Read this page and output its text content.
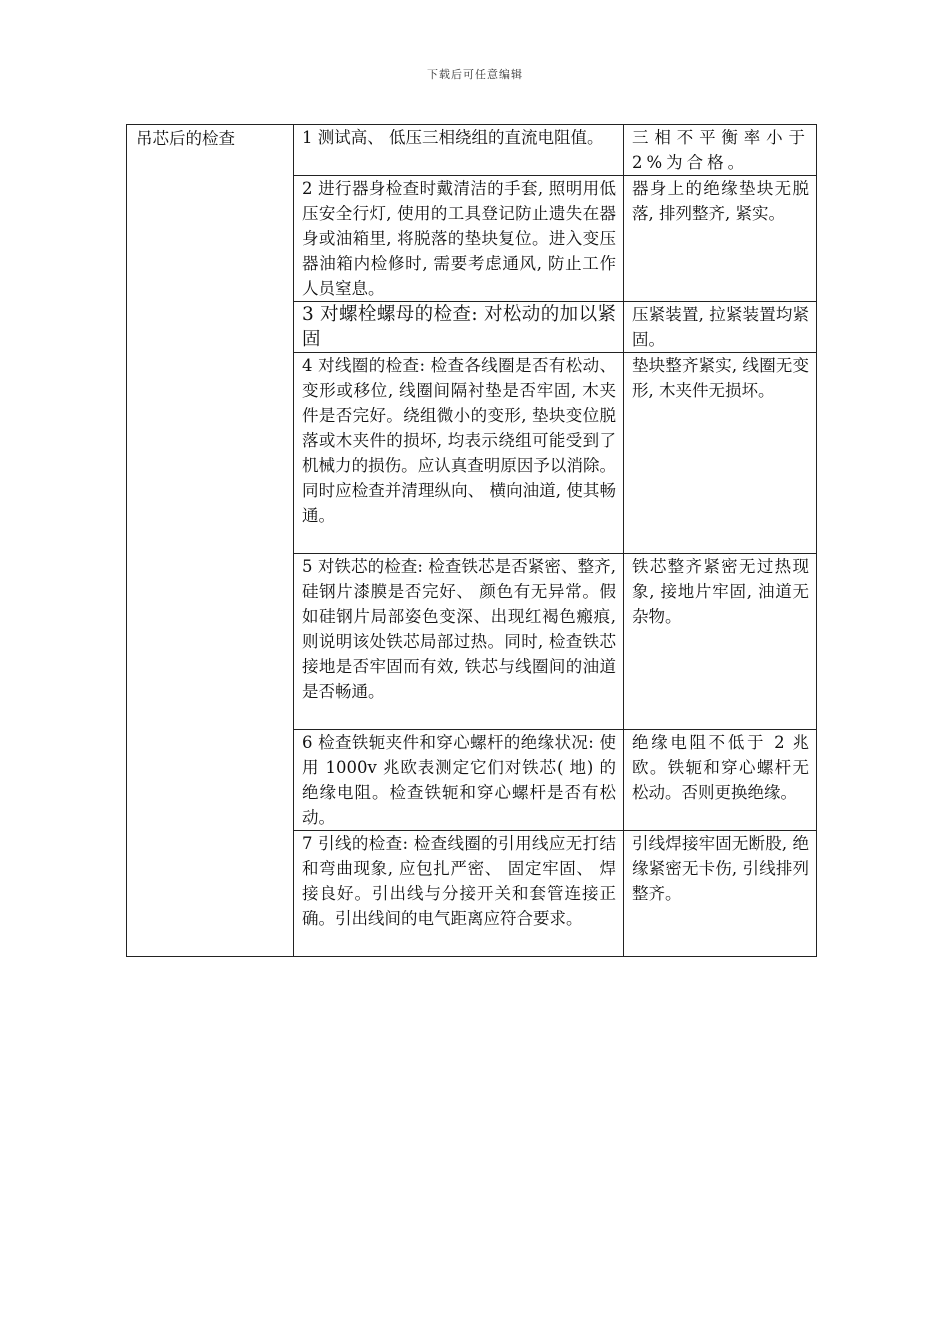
下载后可任意编辑
吊芯后的检查	1 测试高、 低压三相绕组的直流电阻值。	三相不平衡率小于2%为合格。
	2 进行器身检查时戴清洁的手套, 照明用低压安全行灯, 使用的工具登记防止遗失在器身或油箱里, 将脱落的垫块复位。进入变压器油箱内检修时, 需要考虑通风, 防止工作人员窒息。	器身上的绝缘垫块无脱落, 排列整齐, 紧实。
	3 对螺栓螺母的检查: 对松动的加以紧固	压紧装置, 拉紧装置均紧固。
	4 对线圈的检查: 检查各线圈是否有松动、 变形或移位, 线圈间隔衬垫是否牢固, 木夹件是否完好。绕组微小的变形, 垫块变位脱落或木夹件的损坏, 均表示绕组可能受到了机械力的损伤。应认真查明原因予以消除。同时应检查并清理纵向、 横向油道, 使其畅通。	垫块整齐紧实, 线圈无变形, 木夹件无损坏。
	5 对铁芯的检查: 检查铁芯是否紧密、整齐, 硅钢片漆膜是否完好、 颜色有无异常。假如硅钢片局部姿色变深、出现红褐色瘢痕, 则说明该处铁芯局部过热。同时, 检查铁芯接地是否牢固而有效, 铁芯与线圈间的油道是否畅通。	铁芯整齐紧密无过热现象, 接地片牢固, 油道无杂物。
	6 检查铁轭夹件和穿心螺杆的绝缘状况: 使用 1000v 兆欧表测定它们对铁芯( 地) 的绝缘电阻。检查铁轭和穿心螺杆是否有松动。	绝缘电阻不低于 2 兆欧。铁轭和穿心螺杆无松动。否则更换绝缘。
	7 引线的检查: 检查线圈的引用线应无打结和弯曲现象, 应包扎严密、 固定牢固、 焊接良好。引出线与分接开关和套管连接正确。引出线间的电气距离应符合要求。	引线焊接牢固无断股, 绝缘紧密无卡伤, 引线排列整齐。
